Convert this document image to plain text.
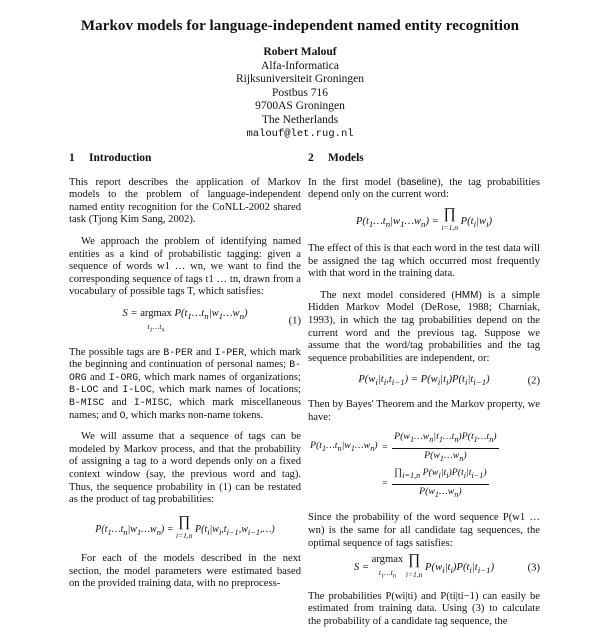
Markov models for language-independent named entity recognition
Robert Malouf
Alfa-Informatica
Rijksuniversiteit Groningen
Postbus 716
9700AS Groningen
The Netherlands
malouf@let.rug.nl
1 Introduction

This report describes the application of Markov models to the problem of language-independent named entity recognition for the CoNLL-2002 shared task (Tjong Kim Sang, 2002).

We approach the problem of identifying named entities as a kind of probabilistic tagging: given a sequence of words w1 … wn, we want to find the corresponding sequence of tags t1 … tn, drawn from a vocabulary of possible tags T, which satisfies:

S = argmax
$t_1\dots t_n$ $P(t_1\dots t_n|w_1\dots w_n)$
(1)

The possible tags are B-PER and I-PER, which mark the beginning and continuation of personal names; B-ORG and I-ORG, which mark names of organizations; B-LOC and I-LOC, which mark names of locations; B-MISC and I-MISC, which mark miscellaneous names; and O, which marks non-name tokens.

We will assume that a sequence of tags can be modeled by Markov process, and that the probability of assigning a tag to a word depends only on a fixed context window (say, the previous word and tag). Thus, the sequence probability in (1) can be restated as the product of tag probabilities:

$P(t_1\dots t_n|w_1\dots w_n)$ = ∏
i=1,n $P(t_i|w_i,t_{i-1},w_{i-1},\dots)$

For each of the models described in the next section, the model parameters were estimated based on the provided training data, with no preprocess-

2 Models

In the first model (baseline), the tag probabilities depend only on the current word:

$P(t_1\dots t_n|w_1\dots w_n)$ = ∏
i=1,n $P(t_i|w_i)$

The effect of this is that each word in the test data will be assigned the tag which occurred most frequently with that word in the training data.

The next model considered (HMM) is a simple Hidden Markov Model (DeRose, 1988; Charniak, 1993), in which the tag probabilities depend on the current word and the previous tag. Suppose we assume that the word/tag probabilities and the tag sequence probabilities are independent, or:

$P(w_i|t_i,t_{i-1}) = P(w_i|t_i)P(t_i|t_{i-1})$	(2)

Then by Bayes' Theorem and the Markov property, we have:

$P(t_1\dots t_n|w_1\dots w_n)$	=	$\frac{P(w_1\dots w_n|t_1\dots t_n)P(t_1\dots t_n)}{P(w_1\dots w_n)}$

	=	$\frac{\prod_{i=1,n} P(w_i|t_i)P(t_i|t_{i-1})}{P(w_1\dots w_n)}$

Since the probability of the word sequence P(w1 … wn) is the same for all candidate tag sequences, the optimal sequence of tags satisfies:

S = argmax
$t_1\dots t_n$ ∏
i=1,n $P(w_i|t_i)P(t_i|t_{i-1})$	(3)

The probabilities P(wi|ti) and P(ti|ti−1) can easily be estimated from training data. Using (3) to calculate the probability of a candidate tag sequence, the
